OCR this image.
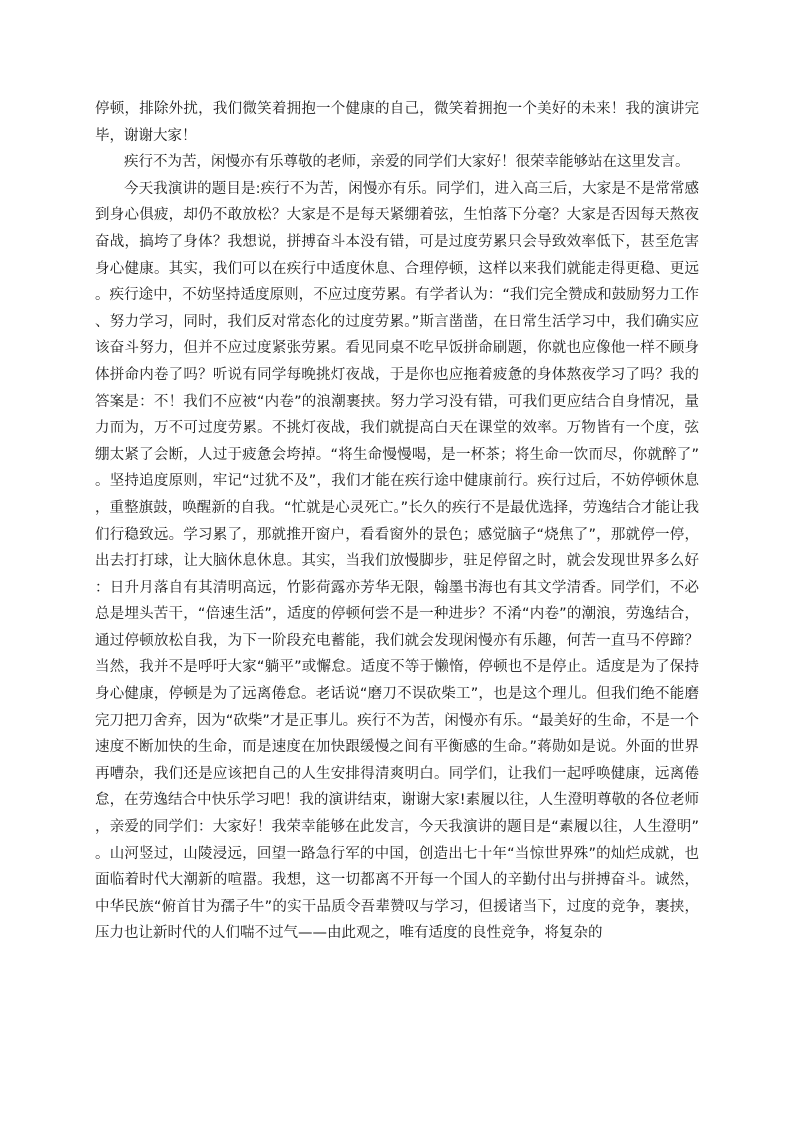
停顿，排除外扰，我们微笑着拥抱一个健康的自己，微笑着拥抱一个美好的未来！我的演讲完毕，谢谢大家！

疾行不为苦，闲慢亦有乐尊敬的老师，亲爱的同学们大家好！很荣幸能够站在这里发言。

今天我演讲的题目是:疾行不为苦，闲慢亦有乐。同学们，进入高三后，大家是不是常常感到身心俱疲，却仍不敢放松？大家是不是每天紧绷着弦，生怕落下分毫？大家是否因每天熬夜奋战，搞垮了身体？我想说，拼搏奋斗本没有错，可是过度劳累只会导致效率低下，甚至危害身心健康。其实，我们可以在疾行中适度休息、合理停顿，这样以来我们就能走得更稳、更远。疾行途中，不妨坚持适度原则，不应过度劳累。有学者认为：“我们完全赞成和鼓励努力工作、努力学习，同时，我们反对常态化的过度劳累。”斯言凿凿，在日常生活学习中，我们确实应该奋斗努力，但并不应过度紧张劳累。看见同桌不吃早饭拼命刷题，你就也应像他一样不顾身体拼命内卷了吗？听说有同学每晚挑灯夜战，于是你也应拖着疲惫的身体熬夜学习了吗？我的答案是：不！我们不应被“内卷”的浪潮裹挟。努力学习没有错，可我们更应结合自身情况，量力而为，万不可过度劳累。不挑灯夜战，我们就提高白天在课堂的效率。万物皆有一个度，弦绷太紧了会断，人过于疲惫会垮掉。“将生命慢慢喝，是一杯茶；将生命一饮而尽，你就醉了”。坚持追度原则，牢记“过犹不及”，我们才能在疾行途中健康前行。疾行过后，不妨停顿休息，重整旗鼓，唤醒新的自我。“忙就是心灵死亡。”长久的疾行不是最优选择，劳逸结合才能让我们行稳致远。学习累了，那就推开窗户，看看窗外的景色；感觉脑子“烧焦了”，那就停一停，出去打打球，让大脑休息休息。其实，当我们放慢脚步，驻足停留之时，就会发现世界多么好：日升月落自有其清明高远，竹影荷露亦芳华无限，翰墨书海也有其文学清香。同学们，不必总是埋头苦干，“倍速生活”，适度的停顿何尝不是一种进步？不淆“内卷”的潮浪，劳逸结合，通过停顿放松自我，为下一阶段充电蓄能，我们就会发现闲慢亦有乐趣，何苦一直马不停蹄？当然，我并不是呼吁大家“躺平”或懈怠。适度不等于懒惰，停顿也不是停止。适度是为了保持身心健康，停顿是为了远离倦怠。老话说“磨刀不误砍柴工”，也是这个理儿。但我们绝不能磨完刀把刀舍弃，因为“砍柴”才是正事儿。疾行不为苦，闲慢亦有乐。“最美好的生命，不是一个速度不断加快的生命，而是速度在加快跟缓慢之间有平衡感的生命。”蒋勋如是说。外面的世界再嘈杂，我们还是应该把自己的人生安排得清爽明白。同学们，让我们一起呼唤健康，远离倦怠，在劳逸结合中快乐学习吧！我的演讲结束，谢谢大家!素履以往，人生澄明尊敬的各位老师，亲爱的同学们：大家好！我荣幸能够在此发言，今天我演讲的题目是“素履以往，人生澄明”。山河竖过，山陵浸远，回望一路急行军的中国，创造出七十年“当惊世界殊”的灿烂成就，也面临着时代大潮新的喧嚣。我想，这一切都离不开每一个国人的辛勤付出与拼搏奋斗。诚然，中华民族“俯首甘为孺子牛”的实干品质令吾辈赞叹与学习，但援诸当下，过度的竞争，裹挟，压力也让新时代的人们喘不过气——由此观之，唯有适度的良性竞争，将复杂的
